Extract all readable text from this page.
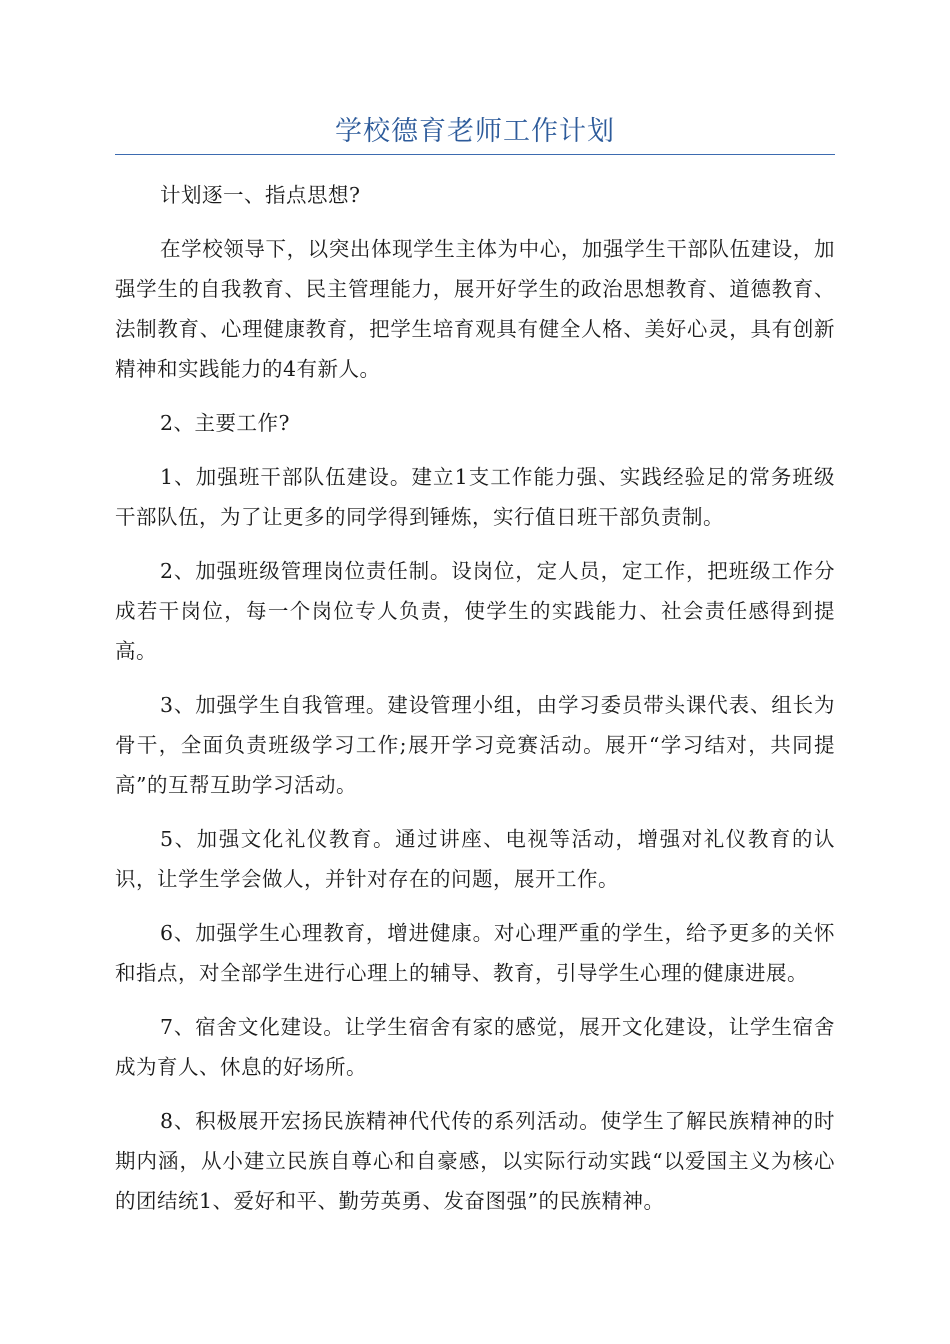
学校德育老师工作计划

计划逐一、指点思想?

在学校领导下，以突出体现学生主体为中心，加强学生干部队伍建设，加强学生的自我教育、民主管理能力，展开好学生的政治思想教育、道德教育、法制教育、心理健康教育，把学生培育观具有健全人格、美好心灵，具有创新精神和实践能力的4有新人。

2、主要工作?

1、加强班干部队伍建设。建立1支工作能力强、实践经验足的常务班级干部队伍，为了让更多的同学得到锤炼，实行值日班干部负责制。

2、加强班级管理岗位责任制。设岗位，定人员，定工作，把班级工作分成若干岗位，每一个岗位专人负责，使学生的实践能力、社会责任感得到提高。

3、加强学生自我管理。建设管理小组，由学习委员带头课代表、组长为骨干，全面负责班级学习工作;展开学习竞赛活动。展开“学习结对，共同提高”的互帮互助学习活动。

5、加强文化礼仪教育。通过讲座、电视等活动，增强对礼仪教育的认识，让学生学会做人，并针对存在的问题，展开工作。

6、加强学生心理教育，增进健康。对心理严重的学生，给予更多的关怀和指点，对全部学生进行心理上的辅导、教育，引导学生心理的健康进展。

7、宿舍文化建设。让学生宿舍有家的感觉，展开文化建设，让学生宿舍成为育人、休息的好场所。

8、积极展开宏扬民族精神代代传的系列活动。使学生了解民族精神的时期内涵，从小建立民族自尊心和自豪感，以实际行动实践“以爱国主义为核心的团结统1、爱好和平、勤劳英勇、发奋图强”的民族精神。
